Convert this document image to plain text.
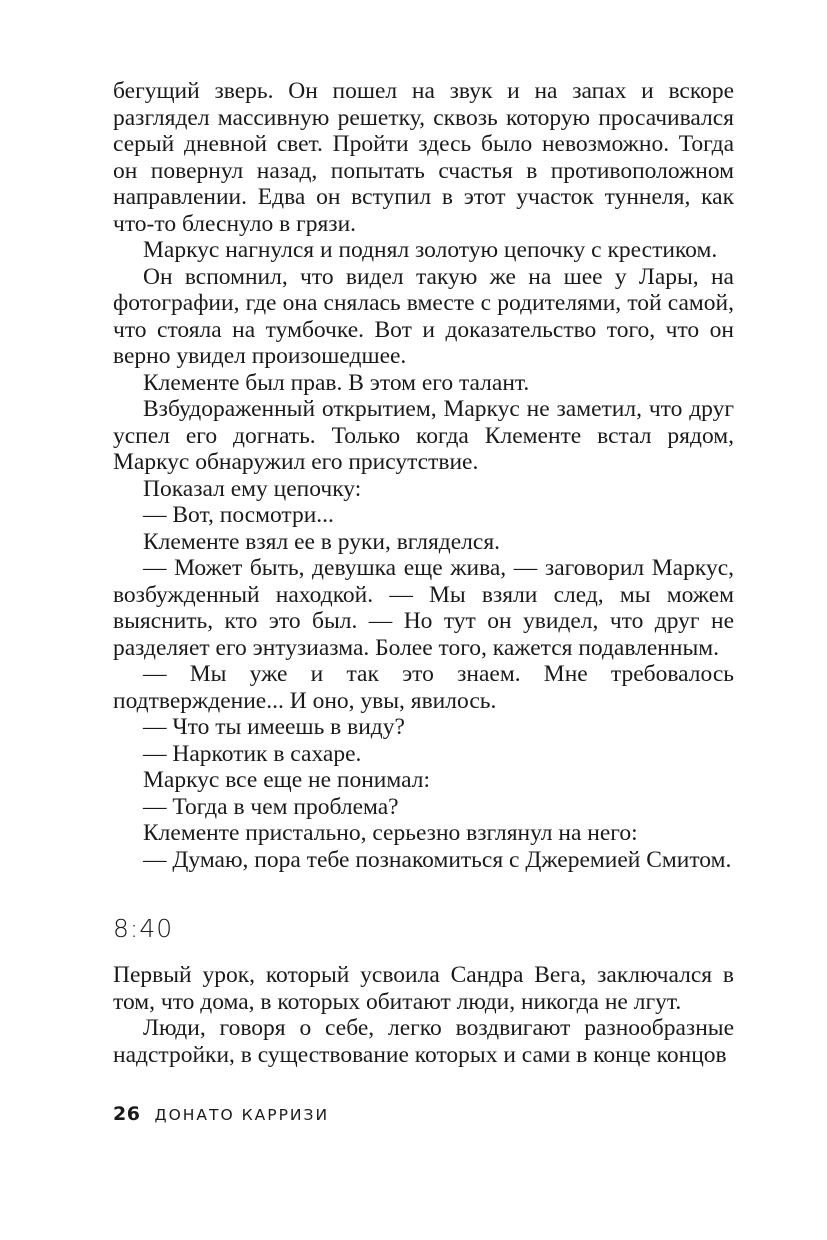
бегущий зверь. Он пошел на звук и на запах и вскоре разглядел массивную решетку, сквозь которую просачивался серый дневной свет. Пройти здесь было невозможно. Тогда он повернул назад, попытать счастья в противоположном направлении. Едва он вступил в этот участок туннеля, как что-то блеснуло в грязи.

Маркус нагнулся и поднял золотую цепочку с крестиком.

Он вспомнил, что видел такую же на шее у Лары, на фотографии, где она снялась вместе с родителями, той самой, что стояла на тумбочке. Вот и доказательство того, что он верно увидел произошедшее.

Клементе был прав. В этом его талант.

Взбудораженный открытием, Маркус не заметил, что друг успел его догнать. Только когда Клементе встал рядом, Маркус обнаружил его присутствие.

Показал ему цепочку:

— Вот, посмотри...

Клементе взял ее в руки, вгляделся.

— Может быть, девушка еще жива, — заговорил Маркус, возбужденный находкой. — Мы взяли след, мы можем выяснить, кто это был. — Но тут он увидел, что друг не разделяет его энтузиазма. Более того, кажется подавленным.

— Мы уже и так это знаем. Мне требовалось подтверждение... И оно, увы, явилось.

— Что ты имеешь в виду?

— Наркотик в сахаре.

Маркус все еще не понимал:

— Тогда в чем проблема?

Клементе пристально, серьезно взглянул на него:

— Думаю, пора тебе познакомиться с Джеремией Смитом.

8:40

Первый урок, который усвоила Сандра Вега, заключался в том, что дома, в которых обитают люди, никогда не лгут.

Люди, говоря о себе, легко воздвигают разнообразные надстройки, в существование которых и сами в конце концов

26 ДОНАТО КАРРИЗИ
